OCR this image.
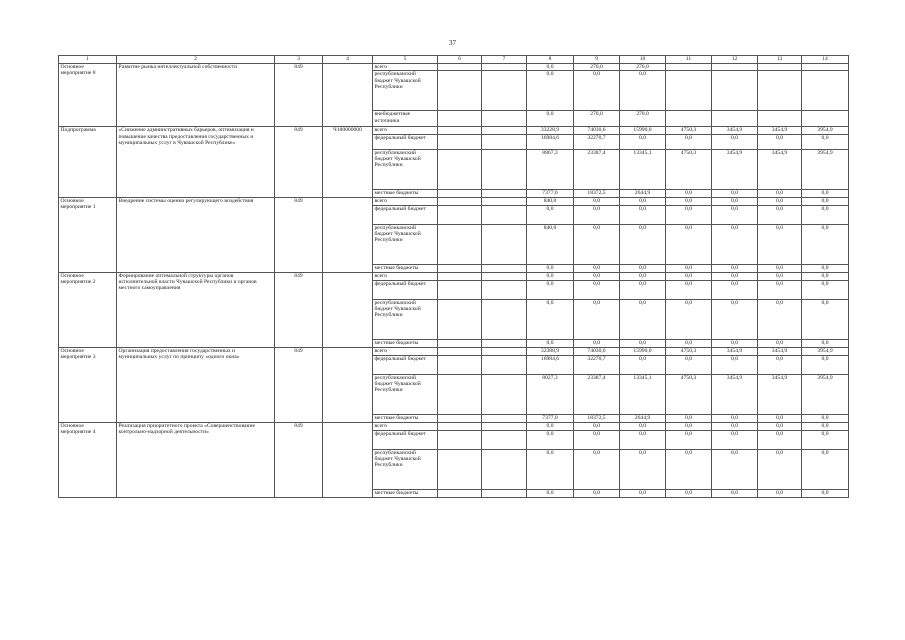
37
1	2	3	4	5	6	7	8	9	10	11	12	13	14
Основное мероприятие 8	Развитие рынка интеллектуальной собственности	849		всего			0,0	270,0	270,0				
				республиканский бюджет Чувашской Республики			0,0	0,0	0,0				
				внебюджетные источники			0,0	270,0	270,0				
Подпрограмма	«Снижение административных барьеров, оптимизация и повышение качества предоставления государственных и муниципальных услуг в Чувашской Республике»	849	Ч180000000	всего			33228,9	74030,6	15990,0	4750,3	3454,9	3454,9	3954,9
				федеральный бюджет			16984,6	32270,7	0,0	0,0	0,0	0,0	0,0
				республиканский бюджет Чувашской Республики			8867,3	23387,4	13345,1	4750,3	3454,9	3454,9	3954,9
				местные бюджеты			7377,0	18372,5	2644,9	0,0	0,0	0,0	0,0
Основное мероприятие 1	Внедрение системы оценки регулирующего воздействия	849		всего			840,0	0,0	0,0	0,0	0,0	0,0	0,0
				федеральный бюджет			0,0	0,0	0,0	0,0	0,0	0,0	0,0
				республиканский бюджет Чувашской Республики			840,0	0,0	0,0	0,0	0,0	0,0	0,0
				местные бюджеты			0,0	0,0	0,0	0,0	0,0	0,0	0,0
Основное мероприятие 2	Формирование оптимальной структуры органов исполнительной власти Чувашской Республики и органов местного самоуправления	849		всего			0,0	0,0	0,0	0,0	0,0	0,0	0,0
				федеральный бюджет			0,0	0,0	0,0	0,0	0,0	0,0	0,0
				республиканский бюджет Чувашской Республики			0,0	0,0	0,0	0,0	0,0	0,0	0,0
				местные бюджеты			0,0	0,0	0,0	0,0	0,0	0,0	0,0
Основное мероприятие 3	Организация предоставления государственных и муниципальных услуг по принципу «одного окна»	849		всего			32388,9	74030,6	15990,0	4750,3	3454,9	3454,9	3954,9
				федеральный бюджет			16984,6	32270,7	0,0	0,0	0,0	0,0	0,0
				республиканский бюджет Чувашской Республики			8027,3	23387,4	13345,1	4750,3	3454,9	3454,9	3954,9
				местные бюджеты			7377,0	18372,5	2644,9	0,0	0,0	0,0	0,0
Основное мероприятие 4	Реализация приоритетного проекта «Совершенствование контрольно-надзорной деятельности»	849		всего			0,0	0,0	0,0	0,0	0,0	0,0	0,0
				федеральный бюджет			0,0	0,0	0,0	0,0	0,0	0,0	0,0
				республиканский бюджет Чувашской Республики			0,0	0,0	0,0	0,0	0,0	0,0	0,0
				местные бюджеты			0,0	0,0	0,0	0,0	0,0	0,0	0,0
